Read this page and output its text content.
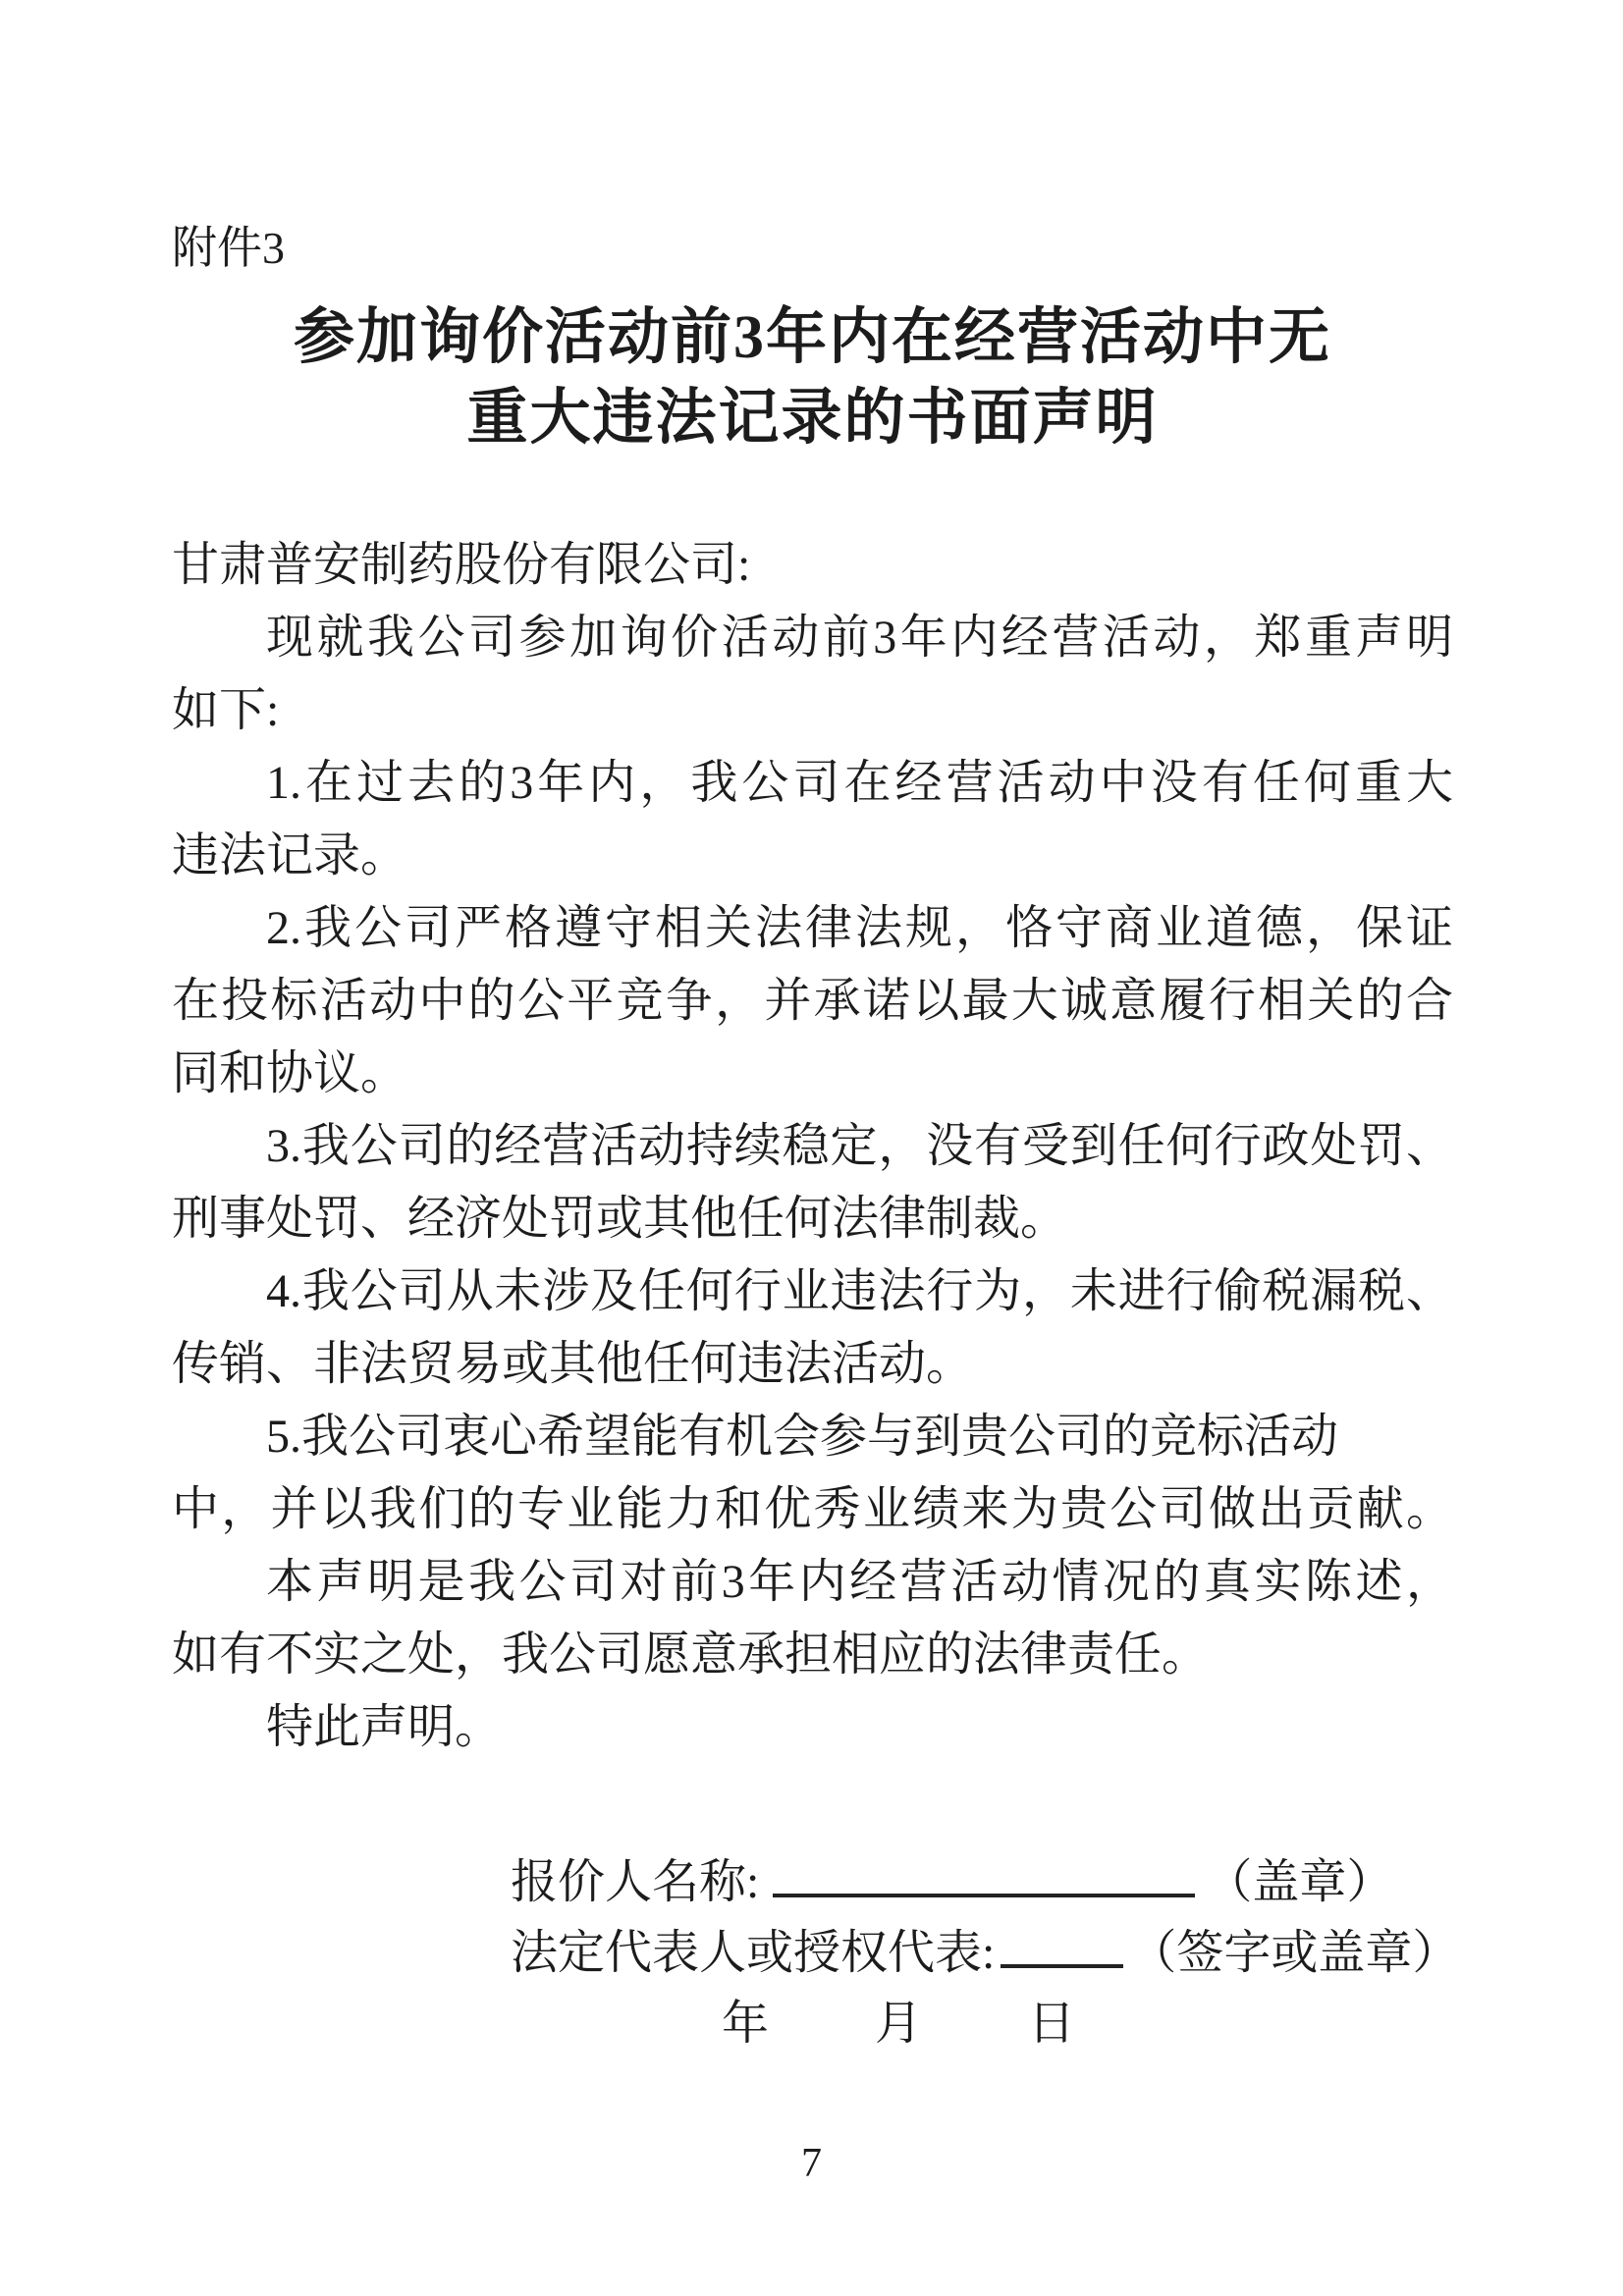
附件3
参加询价活动前3年内在经营活动中无
重大违法记录的书面声明
甘肃普安制药股份有限公司:
现就我公司参加询价活动前3年内经营活动，郑重声明
如下:
1.在过去的3年内，我公司在经营活动中没有任何重大
违法记录。
2.我公司严格遵守相关法律法规，恪守商业道德，保证
在投标活动中的公平竞争，并承诺以最大诚意履行相关的合
同和协议。
3.我公司的经营活动持续稳定，没有受到任何行政处罚、
刑事处罚、经济处罚或其他任何法律制裁。
4.我公司从未涉及任何行业违法行为，未进行偷税漏税、
传销、非法贸易或其他任何违法活动。
5.我公司衷心希望能有机会参与到贵公司的竞标活动
中，并以我们的专业能力和优秀业绩来为贵公司做出贡献。
本声明是我公司对前3年内经营活动情况的真实陈述，
如有不实之处，我公司愿意承担相应的法律责任。
特此声明。
报价人名称:	（盖章）
法定代表人或授权代表:	（签字或盖章）
年 月 日
7
